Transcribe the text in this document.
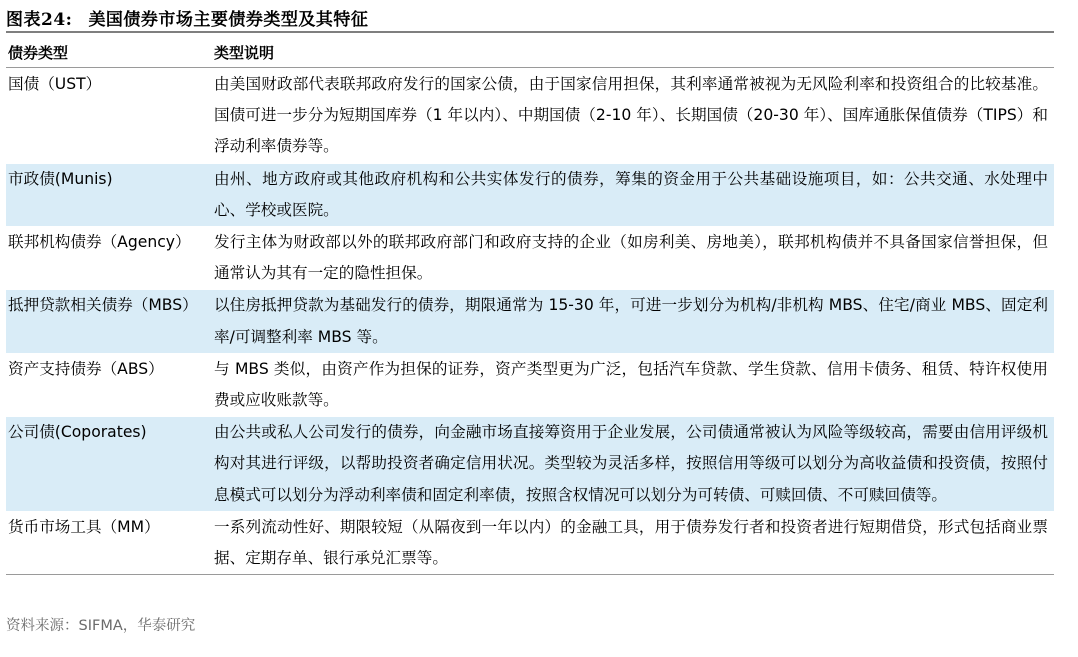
图表24: 美国债券市场主要债券类型及其特征
债券类型	类型说明
国债（UST）	由美国财政部代表联邦政府发行的国家公债，由于国家信用担保，其利率通常被视为无风险利率和投资组合的比较基准。国债可进一步分为短期国库券（1 年以内）、中期国债（2-10 年）、长期国债（20-30 年）、国库通胀保值债券（TIPS）和浮动利率债券等。
市政债(Munis)	由州、地方政府或其他政府机构和公共实体发行的债券，筹集的资金用于公共基础设施项目，如：公共交通、水处理中心、学校或医院。
联邦机构债券（Agency）	发行主体为财政部以外的联邦政府部门和政府支持的企业（如房利美、房地美），联邦机构债并不具备国家信誉担保，但通常认为其有一定的隐性担保。
抵押贷款相关债券（MBS）	以住房抵押贷款为基础发行的债券，期限通常为 15-30 年，可进一步划分为机构/非机构 MBS、住宅/商业 MBS、固定利率/可调整利率 MBS 等。
资产支持债券（ABS）	与 MBS 类似，由资产作为担保的证券，资产类型更为广泛，包括汽车贷款、学生贷款、信用卡债务、租赁、特许权使用费或应收账款等。
公司债(Coporates)	由公共或私人公司发行的债券，向金融市场直接筹资用于企业发展，公司债通常被认为风险等级较高，需要由信用评级机构对其进行评级，以帮助投资者确定信用状况。类型较为灵活多样，按照信用等级可以划分为高收益债和投资债，按照付息模式可以划分为浮动利率债和固定利率债，按照含权情况可以划分为可转债、可赎回债、不可赎回债等。
货币市场工具（MM）	一系列流动性好、期限较短（从隔夜到一年以内）的金融工具，用于债券发行者和投资者进行短期借贷，形式包括商业票据、定期存单、银行承兑汇票等。
资料来源：SIFMA，华泰研究
